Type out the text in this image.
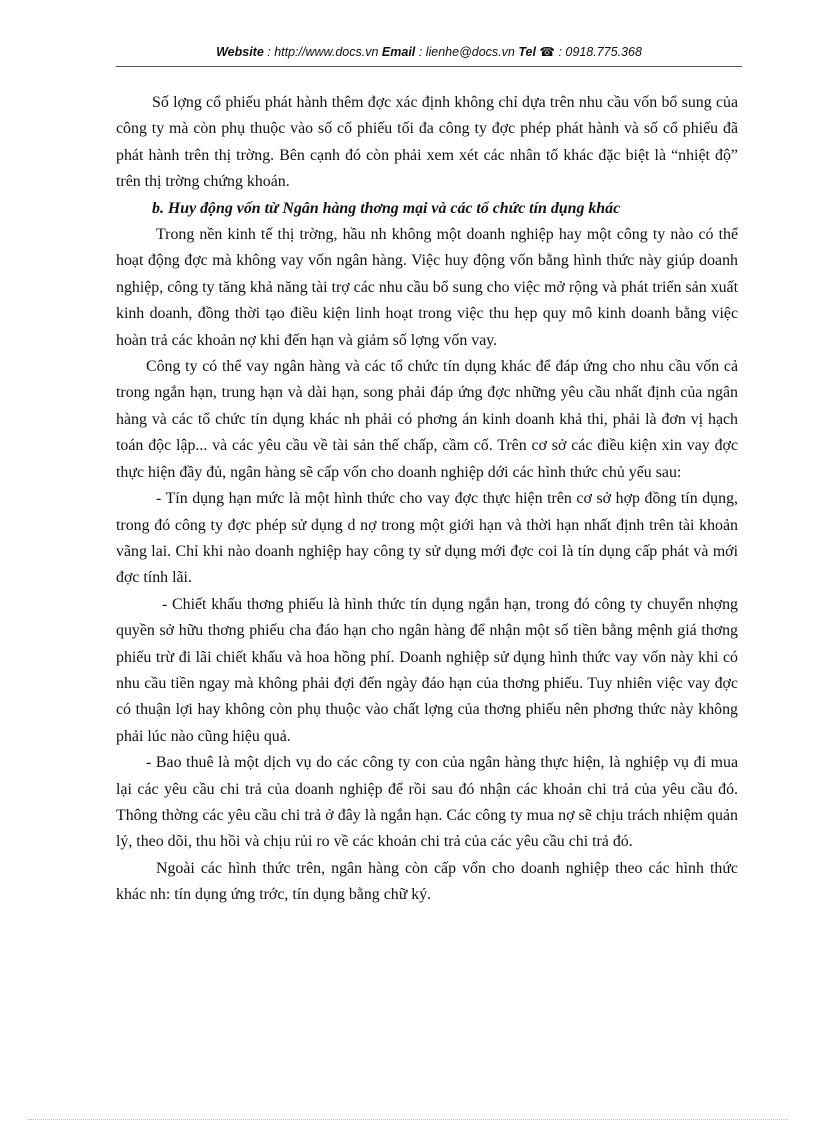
Website : http://www.docs.vn Email : lienhe@docs.vn Tel ☎ : 0918.775.368

Số lợng cổ phiếu phát hành thêm đợc xác định không chỉ dựa trên nhu cầu vốn bổ sung của công ty mà còn phụ thuộc vào số cổ phiếu tối đa công ty đợc phép phát hành và số cổ phiếu đã phát hành trên thị trờng. Bên cạnh đó còn phải xem xét các nhân tố khác đặc biệt là “nhiệt độ” trên thị trờng chứng khoán.

b. Huy động vốn từ Ngân hàng thơng mại và các tổ chức tín dụng khác

Trong nền kinh tế thị trờng, hầu nh không một doanh nghiệp hay một công ty nào có thể hoạt động đợc mà không vay vốn ngân hàng. Việc huy động vốn bằng hình thức này giúp doanh nghiệp, công ty tăng khả năng tài trợ các nhu cầu bổ sung cho việc mở rộng và phát triển sản xuất kinh doanh, đồng thời tạo điều kiện linh hoạt trong việc thu hẹp quy mô kinh doanh bằng việc hoàn trả các khoản nợ khi đến hạn và giảm số lợng vốn vay.

Công ty có thể vay ngân hàng và các tổ chức tín dụng khác để đáp ứng cho nhu cầu vốn cả trong ngắn hạn, trung hạn và dài hạn, song phải đáp ứng đợc những yêu cầu nhất định của ngân hàng và các tổ chức tín dụng khác nh phải có phơng án kinh doanh khả thi, phải là đơn vị hạch toán độc lập... và các yêu cầu về tài sản thế chấp, cầm cố. Trên cơ sở các điều kiện xin vay đợc thực hiện đầy đủ, ngân hàng sẽ cấp vốn cho doanh nghiệp dới các hình thức chủ yếu sau:

- Tín dụng hạn mức là một hình thức cho vay đợc thực hiện trên cơ sở hợp đồng tín dụng, trong đó công ty đợc phép sử dụng d nợ trong một giới hạn và thời hạn nhất định trên tài khoản vãng lai. Chỉ khi nào doanh nghiệp hay công ty sử dụng mới đợc coi là tín dụng cấp phát và mới đợc tính lãi.

- Chiết khấu thơng phiếu là hình thức tín dụng ngắn hạn, trong đó công ty chuyển nhợng quyền sở hữu thơng phiếu cha đáo hạn cho ngân hàng để nhận một số tiền bằng mệnh giá thơng phiếu trừ đi lãi chiết khấu và hoa hồng phí. Doanh nghiệp sử dụng hình thức vay vốn này khi có nhu cầu tiền ngay mà không phải đợi đến ngày đáo hạn của thơng phiếu. Tuy nhiên việc vay đợc có thuận lợi hay không còn phụ thuộc vào chất lợng của thơng phiếu nên phơng thức này không phải lúc nào cũng hiệu quả.

- Bao thuê là một dịch vụ do các công ty con của ngân hàng thực hiện, là nghiệp vụ đi mua lại các yêu cầu chi trả của doanh nghiệp để rồi sau đó nhận các khoản chi trả của yêu cầu đó. Thông thờng các yêu cầu chi trả ở đây là ngắn hạn. Các công ty mua nợ sẽ chịu trách nhiệm quản lý, theo dõi, thu hồi và chịu rủi ro về các khoản chi trả của các yêu cầu chi trả đó.

Ngoài các hình thức trên, ngân hàng còn cấp vốn cho doanh nghiệp theo các hình thức khác nh: tín dụng ứng trớc, tín dụng bằng chữ ký.
